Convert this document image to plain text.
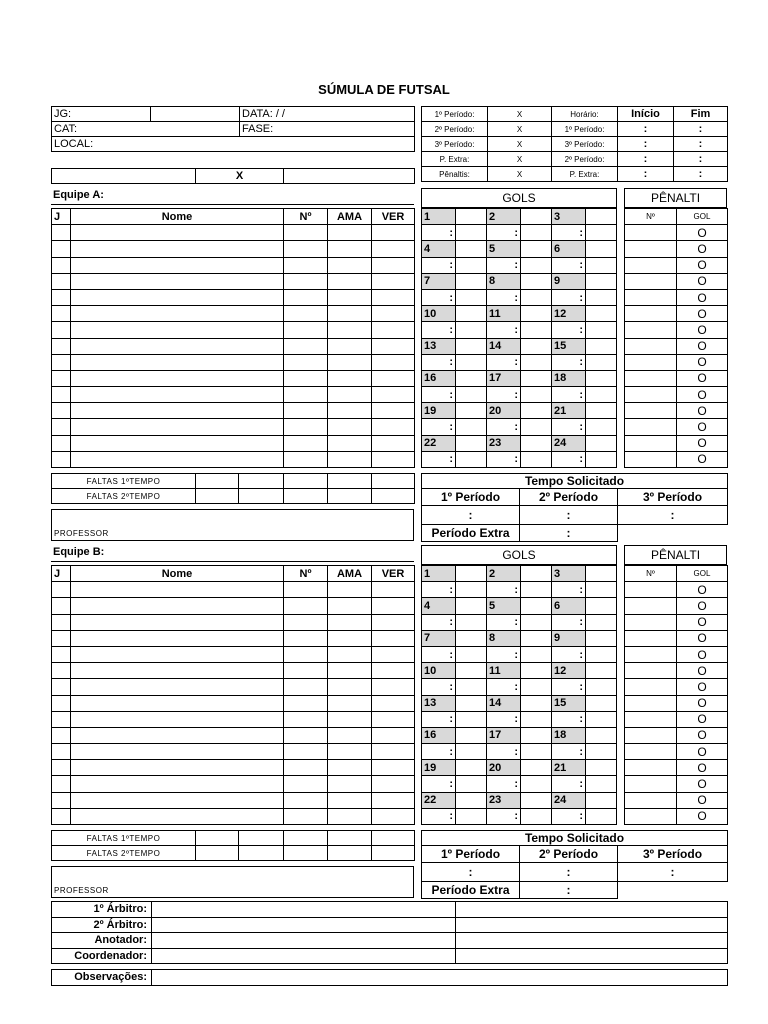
SÚMULA DE FUTSAL
JG:		DATA: / /
CAT:		FASE:
LOCAL:		
	X	
1º Período:	X	Horário:	Início	Fim
2º Período:	X	1º Período:	:	:
3º Período:	X	3º Período:	:	:
P. Extra:	X	2º Período:	:	:
Pênaltis:	X	P. Extra:	:	:
Equipe A:
J	Nome	Nº	AMA	VER

GOLS
1		2		3	
:		:		:	
4		5		6	
:		:		:	
7		8		9	
:		:		:	
10		11		12	
:		:		:	
13		14		15	
:		:		:	
16		17		18	
:		:		:	
19		20		21	
:		:		:	
22		23		24	
:		:		:	
PÊNALTI
Nº	GOL
	O
	O
	O
	O
	O
	O
	O
	O
	O
	O
	O
	O
	O
	O
	O
FALTAS 1ºTEMPO					
FALTAS 2ºTEMPO					
PROFESSOR
Tempo Solicitado		
1º Período	2º Período	3º Período
:	:	:
Período Extra	:	
Equipe B:
J	Nome	Nº	AMA	VER

GOLS
1		2		3	
:		:		:	
4		5		6	
:		:		:	
7		8		9	
:		:		:	
10		11		12	
:		:		:	
13		14		15	
:		:		:	
16		17		18	
:		:		:	
19		20		21	
:		:		:	
22		23		24	
:		:		:	
PÊNALTI
Nº	GOL
	O
	O
	O
	O
	O
	O
	O
	O
	O
	O
	O
	O
	O
	O
	O
FALTAS 1ºTEMPO					
FALTAS 2ºTEMPO					
PROFESSOR
Tempo Solicitado		
1º Período	2º Período	3º Período
:	:	:
Período Extra	:	
1º Árbitro:		
2º Árbitro:		
Anotador:		
Coordenador:		
Observações:	
